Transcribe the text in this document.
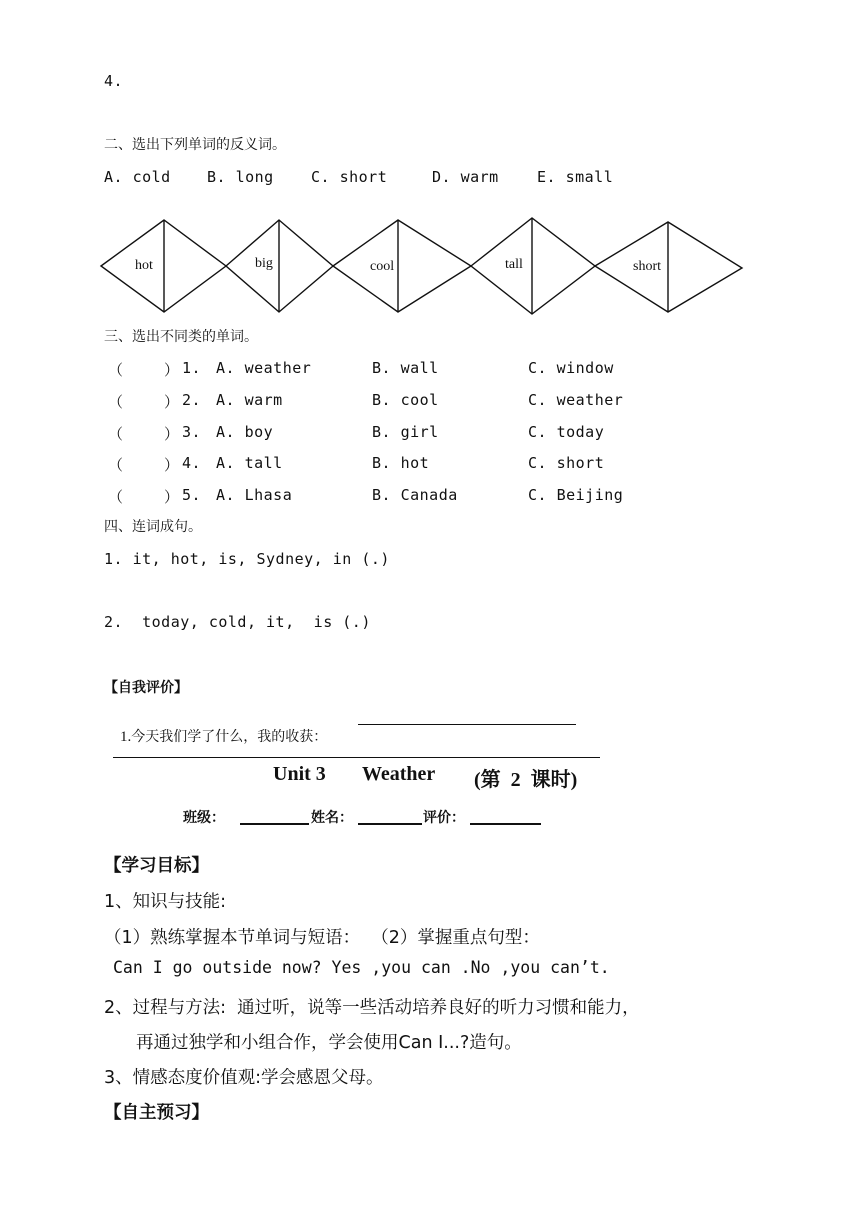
4.
二、选出下列单词的反义词。
A. cold B. long C. short	D. warm	E. small
hot	big	cool	tall	short
三、选出不同类的单词。
（	） 1. A. weather	B. wall	C. window
（	） 2. A. warm	B. cool	C. weather
（	） 3. A. boy	B. girl	C. today
（	） 4. A. tall	B. hot	C. short
（	） 5. A. Lhasa	B. Canada	C. Beijing
四、连词成句。
1. it, hot, is, Sydney, in (.)
2.  today, cold, it,  is (.)
【自我评价】

1.今天我们学了什么，我的收获：

Unit 3 Weather (第  2  课时)
班级：	姓名：	评价：
【学习目标】
1、知识与技能:
（1）熟练掌握本节单词与短语：  （2）掌握重点句型：
Can I go outside now? Yes ,you can .No ,you can’t.
2、过程与方法:  通过听，说等一些活动培养良好的听力习惯和能力，
再通过独学和小组合作，学会使用Can I...?造句。
3、情感态度价值观:学会感恩父母。
【自主预习】
